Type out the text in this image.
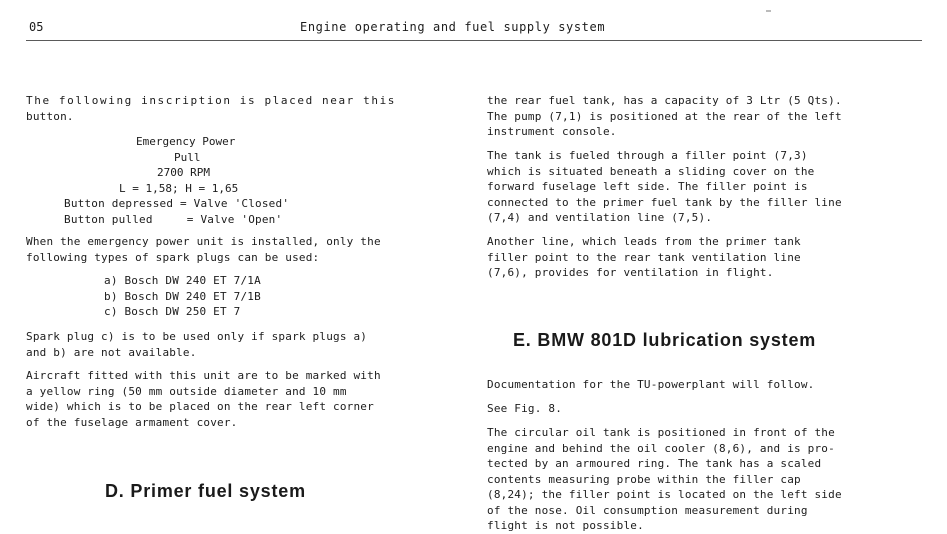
05	Engine operating and fuel supply system

The following inscription is placed near this

button.

Emergency Power

Pull

2700 RPM

L = 1,58; H = 1,65

Button depressed = Valve 'Closed'

Button pulled     = Valve 'Open'

When the emergency power unit is installed, only the

following types of spark plugs can be used:

a) Bosch DW 240 ET 7/1A

b) Bosch DW 240 ET 7/1B

c) Bosch DW 250 ET 7

Spark plug c) is to be used only if spark plugs a)

and b) are not available.

Aircraft fitted with this unit are to be marked with

a yellow ring (50 mm outside diameter and 10 mm

wide) which is to be placed on the rear left corner

of the fuselage armament cover.

D. Primer fuel system

the rear fuel tank, has a capacity of 3 Ltr (5 Qts).

The pump (7,1) is positioned at the rear of the left

instrument console.

The tank is fueled through a filler point (7,3)

which is situated beneath a sliding cover on the

forward fuselage left side. The filler point is

connected to the primer fuel tank by the filler line

(7,4) and ventilation line (7,5).

Another line, which leads from the primer tank

filler point to the rear tank ventilation line

(7,6), provides for ventilation in flight.

E. BMW 801D lubrication system

Documentation for the TU-powerplant will follow.

See Fig. 8.

The circular oil tank is positioned in front of the

engine and behind the oil cooler (8,6), and is pro-

tected by an armoured ring. The tank has a scaled

contents measuring probe within the filler cap

(8,24); the filler point is located on the left side

of the nose. Oil consumption measurement during

flight is not possible.
